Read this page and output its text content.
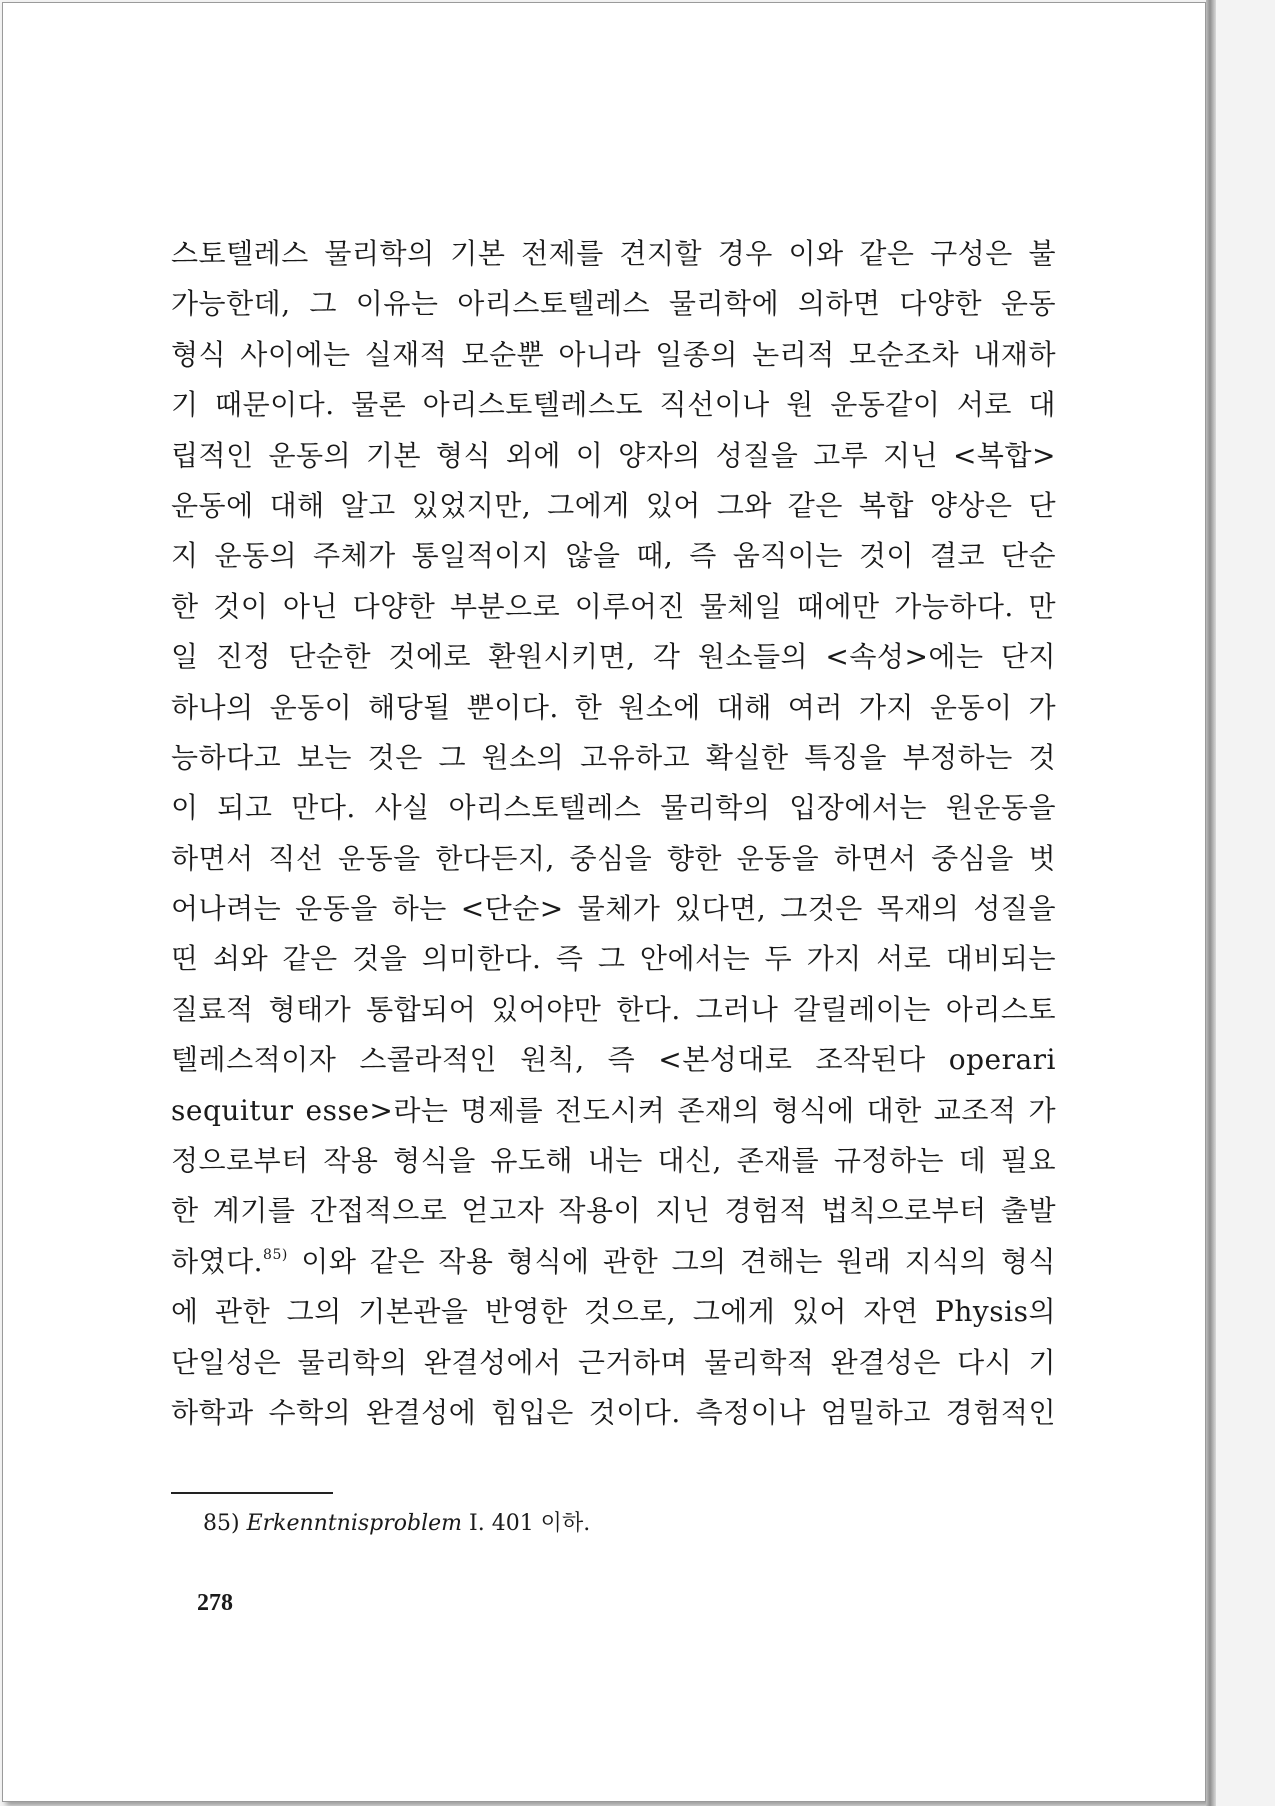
스토텔레스 물리학의 기본 전제를 견지할 경우 이와 같은 구성은 불
가능한데, 그 이유는 아리스토텔레스 물리학에 의하면 다양한 운동
형식 사이에는 실재적 모순뿐 아니라 일종의 논리적 모순조차 내재하
기 때문이다. 물론 아리스토텔레스도 직선이나 원 운동같이 서로 대
립적인 운동의 기본 형식 외에 이 양자의 성질을 고루 지닌 <복합>
운동에 대해 알고 있었지만, 그에게 있어 그와 같은 복합 양상은 단
지 운동의 주체가 통일적이지 않을 때, 즉 움직이는 것이 결코 단순
한 것이 아닌 다양한 부분으로 이루어진 물체일 때에만 가능하다. 만
일 진정 단순한 것에로 환원시키면, 각 원소들의 <속성>에는 단지
하나의 운동이 해당될 뿐이다. 한 원소에 대해 여러 가지 운동이 가
능하다고 보는 것은 그 원소의 고유하고 확실한 특징을 부정하는 것
이 되고 만다. 사실 아리스토텔레스 물리학의 입장에서는 원운동을
하면서 직선 운동을 한다든지, 중심을 향한 운동을 하면서 중심을 벗
어나려는 운동을 하는 <단순> 물체가 있다면, 그것은 목재의 성질을
띤 쇠와 같은 것을 의미한다. 즉 그 안에서는 두 가지 서로 대비되는
질료적 형태가 통합되어 있어야만 한다. 그러나 갈릴레이는 아리스토
텔레스적이자 스콜라적인 원칙, 즉 <본성대로 조작된다 operari
sequitur esse>라는 명제를 전도시켜 존재의 형식에 대한 교조적 가
정으로부터 작용 형식을 유도해 내는 대신, 존재를 규정하는 데 필요
한 계기를 간접적으로 얻고자 작용이 지닌 경험적 법칙으로부터 출발
하였다.$^{85)}$ 이와 같은 작용 형식에 관한 그의 견해는 원래 지식의 형식
에 관한 그의 기본관을 반영한 것으로, 그에게 있어 자연 Physis의
단일성은 물리학의 완결성에서 근거하며 물리학적 완결성은 다시 기
하학과 수학의 완결성에 힘입은 것이다. 측정이나 엄밀하고 경험적인
85) Erkenntnisproblem I. 401 이하.
278
